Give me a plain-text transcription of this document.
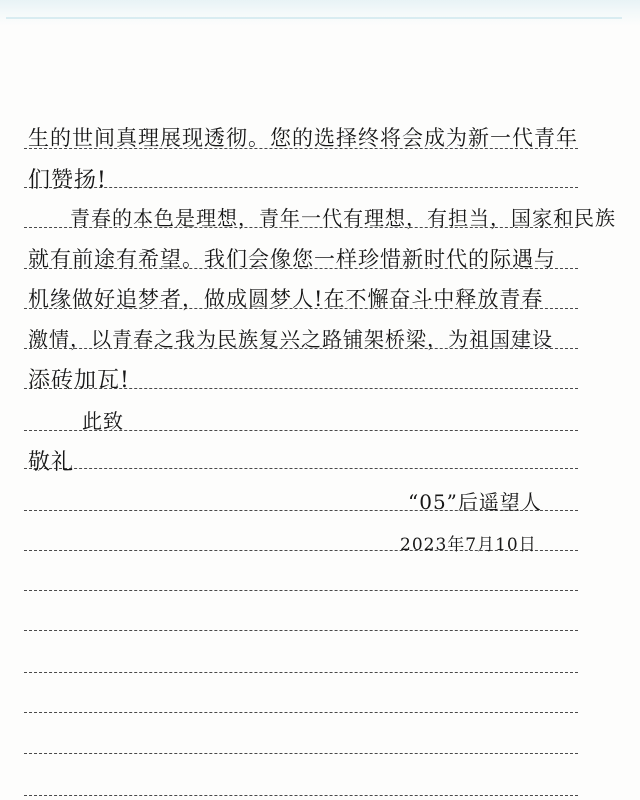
生的世间真理展现透彻。您的选择终将会成为新一代青年
们赞扬!
青春的本色是理想，青年一代有理想，有担当，国家和民族
就有前途有希望。我们会像您一样珍惜新时代的际遇与
机缘做好追梦者，做成圆梦人!在不懈奋斗中释放青春
激情，以青春之我为民族复兴之路铺架桥梁，为祖国建设
添砖加瓦!
此致
敬礼
“05”后遥望人
2023年7月10日
